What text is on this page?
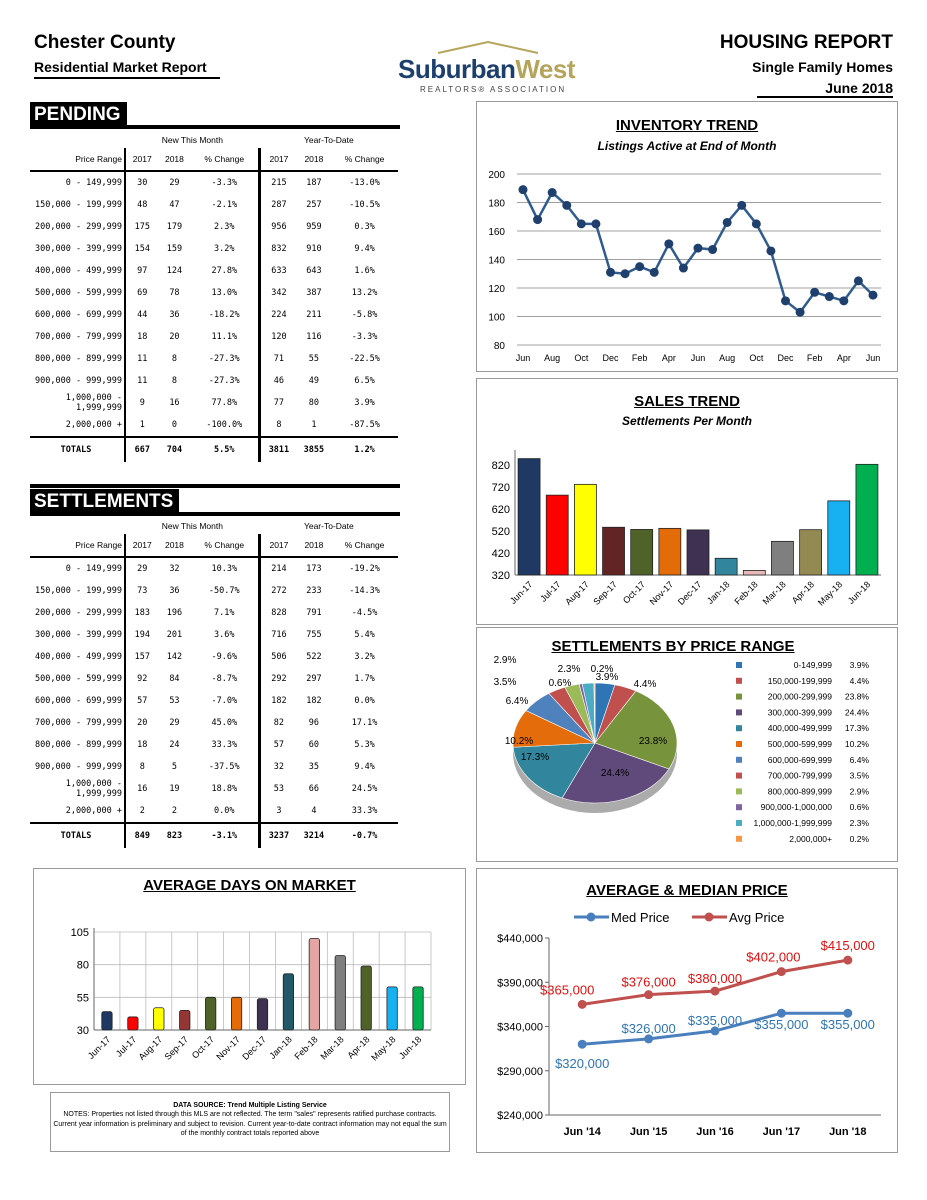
Chester County
Residential Market Report	SuburbanWest
REALTORS® ASSOCIATION
HOUSING REPORT
Single Family Homes
June 2018
PENDING
	New This Month			Year-To-Date		
Price Range	2017	2018	% Change	2017	2018	% Change
0 - 149,999	30	29	-3.3%	215	187	-13.0%
150,000 - 199,999	48	47	-2.1%	287	257	-10.5%
200,000 - 299,999	175	179	2.3%	956	959	0.3%
300,000 - 399,999	154	159	3.2%	832	910	9.4%
400,000 - 499,999	97	124	27.8%	633	643	1.6%
500,000 - 599,999	69	78	13.0%	342	387	13.2%
600,000 - 699,999	44	36	-18.2%	224	211	-5.8%
700,000 - 799,999	18	20	11.1%	120	116	-3.3%
800,000 - 899,999	11	8	-27.3%	71	55	-22.5%
900,000 - 999,999	11	8	-27.3%	46	49	6.5%
1,000,000 - 1,999,999	9	16	77.8%	77	80	3.9%
2,000,000 +	1	0	-100.0%	8	1	-87.5%
TOTALS	667	704	5.5%	3811	3855	1.2%
SETTLEMENTS
	New This Month			Year-To-Date		
Price Range	2017	2018	% Change	2017	2018	% Change
0 - 149,999	29	32	10.3%	214	173	-19.2%
150,000 - 199,999	73	36	-50.7%	272	233	-14.3%
200,000 - 299,999	183	196	7.1%	828	791	-4.5%
300,000 - 399,999	194	201	3.6%	716	755	5.4%
400,000 - 499,999	157	142	-9.6%	506	522	3.2%
500,000 - 599,999	92	84	-8.7%	292	297	1.7%
600,000 - 699,999	57	53	-7.0%	182	182	0.0%
700,000 - 799,999	20	29	45.0%	82	96	17.1%
800,000 - 899,999	18	24	33.3%	57	60	5.3%
900,000 - 999,999	8	5	-37.5%	32	35	9.4%
1,000,000 - 1,999,999	16	19	18.8%	53	66	24.5%
2,000,000 +	2	2	0.0%	3	4	33.3%
TOTALS	849	823	-3.1%	3237	3214	-0.7%
INVENTORY TREND
Listings Active at End of Month
80
100
120
140
160
180
200
Jun Aug Oct Dec Feb Apr Jun Aug Oct Dec Feb Apr Jun
SALES TREND
Settlements Per Month
320
420
520
620
720
820
Jun-17 Jul-17 Aug-17 Sep-17 Oct-17 Nov-17 Dec-17 Jan-18 Feb-18 Mar-18 Apr-18 May-18 Jun-18
SETTLEMENTS BY PRICE RANGE
3.9%
4.4%
23.8%
24.4%
17.3%
10.2%
6.4%
3.5%
2.9%
0.6%
2.3% 0.2%	0-149,999 3.9%
150,000-199,999 4.4%
200,000-299,999 23.8%
300,000-399,999 24.4%
400,000-499,999 17.3%
500,000-599,999 10.2%
600,000-699,999 6.4%
700,000-799,999 3.5%
800,000-899,999 2.9%
900,000-1,000,000 0.6%
1,000,000-1,999,999 2.3%
2,000,000+ 0.2%
AVERAGE DAYS ON MARKET
30
55
80
105
Jun-17 Jul-17
Aug-17
Sep-17 Oct-17
Nov-17
Dec-17 Jan-18
Feb-18
Mar-18 Apr-18
May-18 Jun-18
AVERAGE & MEDIAN PRICE
$240,000
$290,000
$340,000
$390,000
$440,000
Jun '14	Jun '15	Jun '16	Jun '17	Jun '18
Med Price	Avg Price
$320,000
$326,000
$335,000 $355,000 $355,000
$365,000
$376,000 $380,000
$402,000
$415,000
DATA SOURCE: Trend Multiple Listing Service
NOTES: Properties not listed through this MLS are not reflected. The term "sales" represents ratified purchase contracts. Current year information is preliminary and subject to revision. Current year-to-date contract information may not equal the sum of the monthly contract totals reported above
